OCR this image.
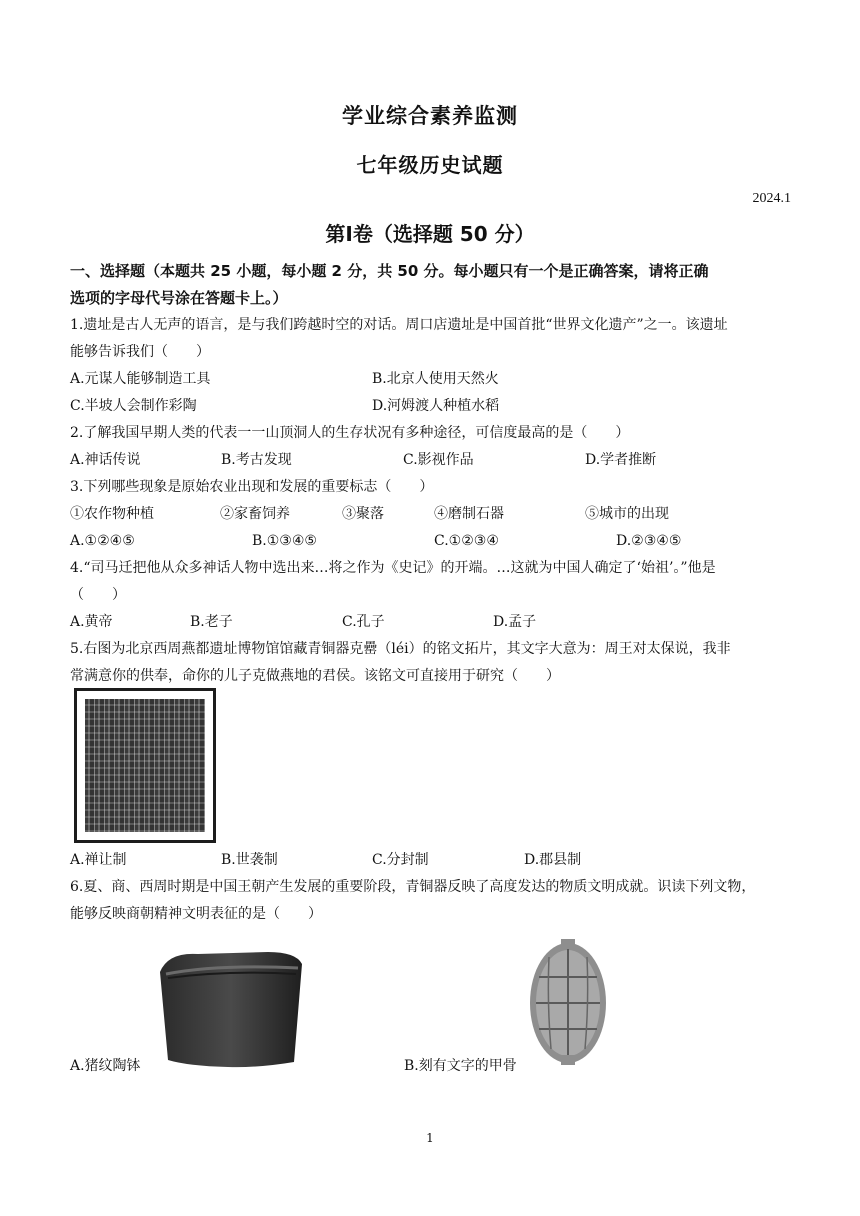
学业综合素养监测
七年级历史试题
2024.1
第Ⅰ卷（选择题 50 分）
一、选择题（本题共 25 小题，每小题 2 分，共 50 分。每小题只有一个是正确答案，请将正确
选项的字母代号涂在答题卡上。）
1.遗址是古人无声的语言，是与我们跨越时空的对话。周口店遗址是中国首批“世界文化遗产”之一。该遗址
能够告诉我们（　　）
A.元谋人能够制造工具	B.北京人使用天然火
C.半坡人会制作彩陶	D.河姆渡人种植水稻
2.了解我国早期人类的代表一一山顶洞人的生存状况有多种途径，可信度最高的是（　　）
A.神话传说	B.考古发现	C.影视作品	D.学者推断
3.下列哪些现象是原始农业出现和发展的重要标志（　　）
①农作物种植	②家畜饲养	③聚落	④磨制石器	⑤城市的出现
A.①②④⑤	B.①③④⑤	C.①②③④	D.②③④⑤
4.“司马迁把他从众多神话人物中选出来…将之作为《史记》的开端。…这就为中国人确定了‘始祖’。”他是
（　　）
A.黄帝	B.老子	C.孔子	D.孟子
5.右图为北京西周燕都遗址博物馆馆藏青铜器克罍（léi）的铭文拓片，其文字大意为：周王对太保说，我非
常满意你的供奉，命你的儿子克做燕地的君侯。该铭文可直接用于研究（　　）
A.禅让制	B.世袭制	C.分封制	D.郡县制
6.夏、商、西周时期是中国王朝产生发展的重要阶段，青铜器反映了高度发达的物质文明成就。识读下列文物，
能够反映商朝精神文明表征的是（　　）
A.猪纹陶钵	B.刻有文字的甲骨
1
